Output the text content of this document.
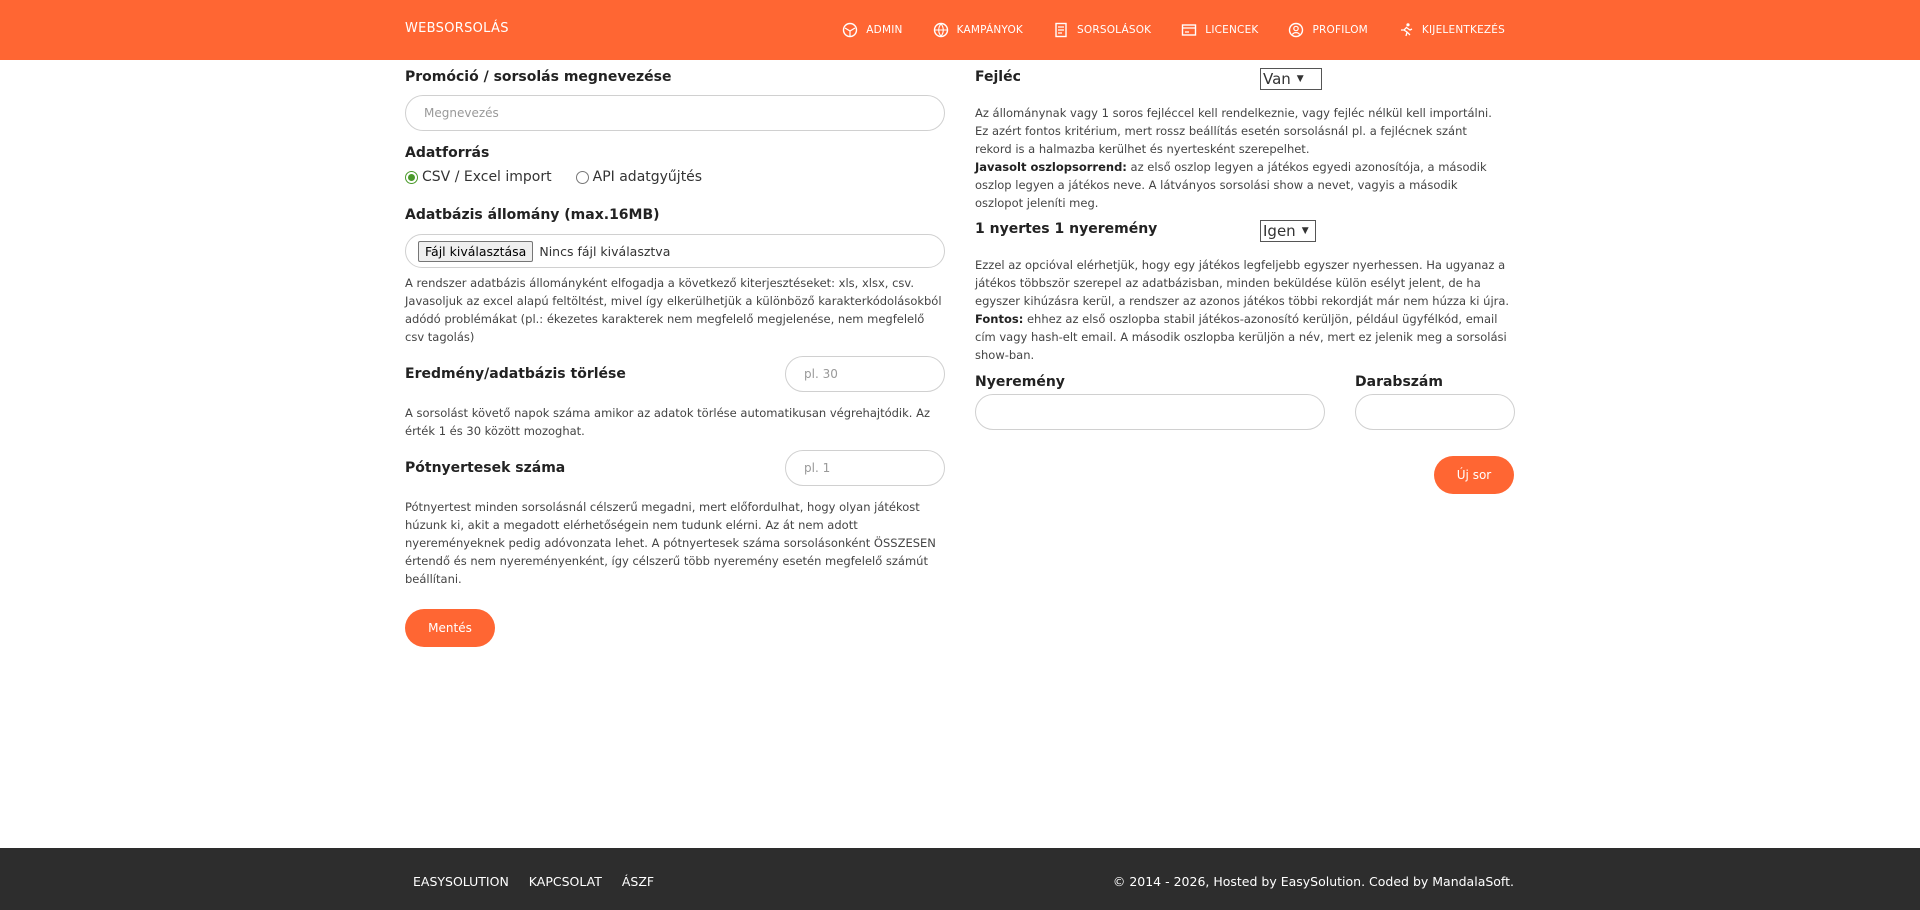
WEBSORSOLÁS	ADMIN	KAMPÁNYOK	SORSOLÁSOK	LICENCEK	PROFILOM	KIJELENTKEZÉS
Promóció / sorsolás megnevezése
Megnevezés
Adatforrás
CSV / Excel import	API adatgyűjtés
Adatbázis állomány (max.16MB)
Fájl kiválasztása	Nincs fájl kiválasztva

A rendszer adatbázis állományként elfogadja a következő kiterjesztéseket: xls, xlsx, csv. Javasoljuk az excel alapú feltöltést, mivel így elkerülhetjük a különböző karakterkódolásokból adódó problémákat (pl.: ékezetes karakterek nem megfelelő megjelenése, nem megfelelő csv tagolás)

Eredmény/adatbázis törlése
pl. 30

A sorsolást követő napok száma amikor az adatok törlése automatikusan végrehajtódik. Az érték 1 és 30 között mozoghat.

Pótnyertesek száma
pl. 1

Pótnyertest minden sorsolásnál célszerű megadni, mert előfordulhat, hogy olyan játékost húzunk ki, akit a megadott elérhetőségein nem tudunk elérni. Az át nem adott nyereményeknek pedig adóvonzata lehet. A pótnyertesek száma sorsolásonként ÖSSZESEN értendő és nem nyereményenként, így célszerű több nyeremény esetén megfelelő számút beállítani.

Mentés
Fejléc	Van ▼

Az állománynak vagy 1 soros fejléccel kell rendelkeznie, vagy fejléc nélkül kell importálni. Ez azért fontos kritérium, mert rossz beállítás esetén sorsolásnál pl. a fejlécnek szánt rekord is a halmazba kerülhet és nyertesként szerepelhet.
Javasolt oszlopsorrend: az első oszlop legyen a játékos egyedi azonosítója, a második oszlop legyen a játékos neve. A látványos sorsolási show a nevet, vagyis a második oszlopot jeleníti meg.

1 nyertes 1 nyeremény	Igen ▼

Ezzel az opcióval elérhetjük, hogy egy játékos legfeljebb egyszer nyerhessen. Ha ugyanaz a játékos többször szerepel az adatbázisban, minden beküldése külön esélyt jelent, de ha egyszer kihúzásra kerül, a rendszer az azonos játékos többi rekordját már nem húzza ki újra.
Fontos: ehhez az első oszlopba stabil játékos-azonosító kerüljön, például ügyfélkód, email cím vagy hash-elt email. A második oszlopba kerüljön a név, mert ez jelenik meg a sorsolási show-ban.

Nyeremény	Darabszám
Új sor
EASYSOLUTION KAPCSOLAT ÁSZF	© 2014 - 2026, Hosted by EasySolution. Coded by MandalaSoft.
